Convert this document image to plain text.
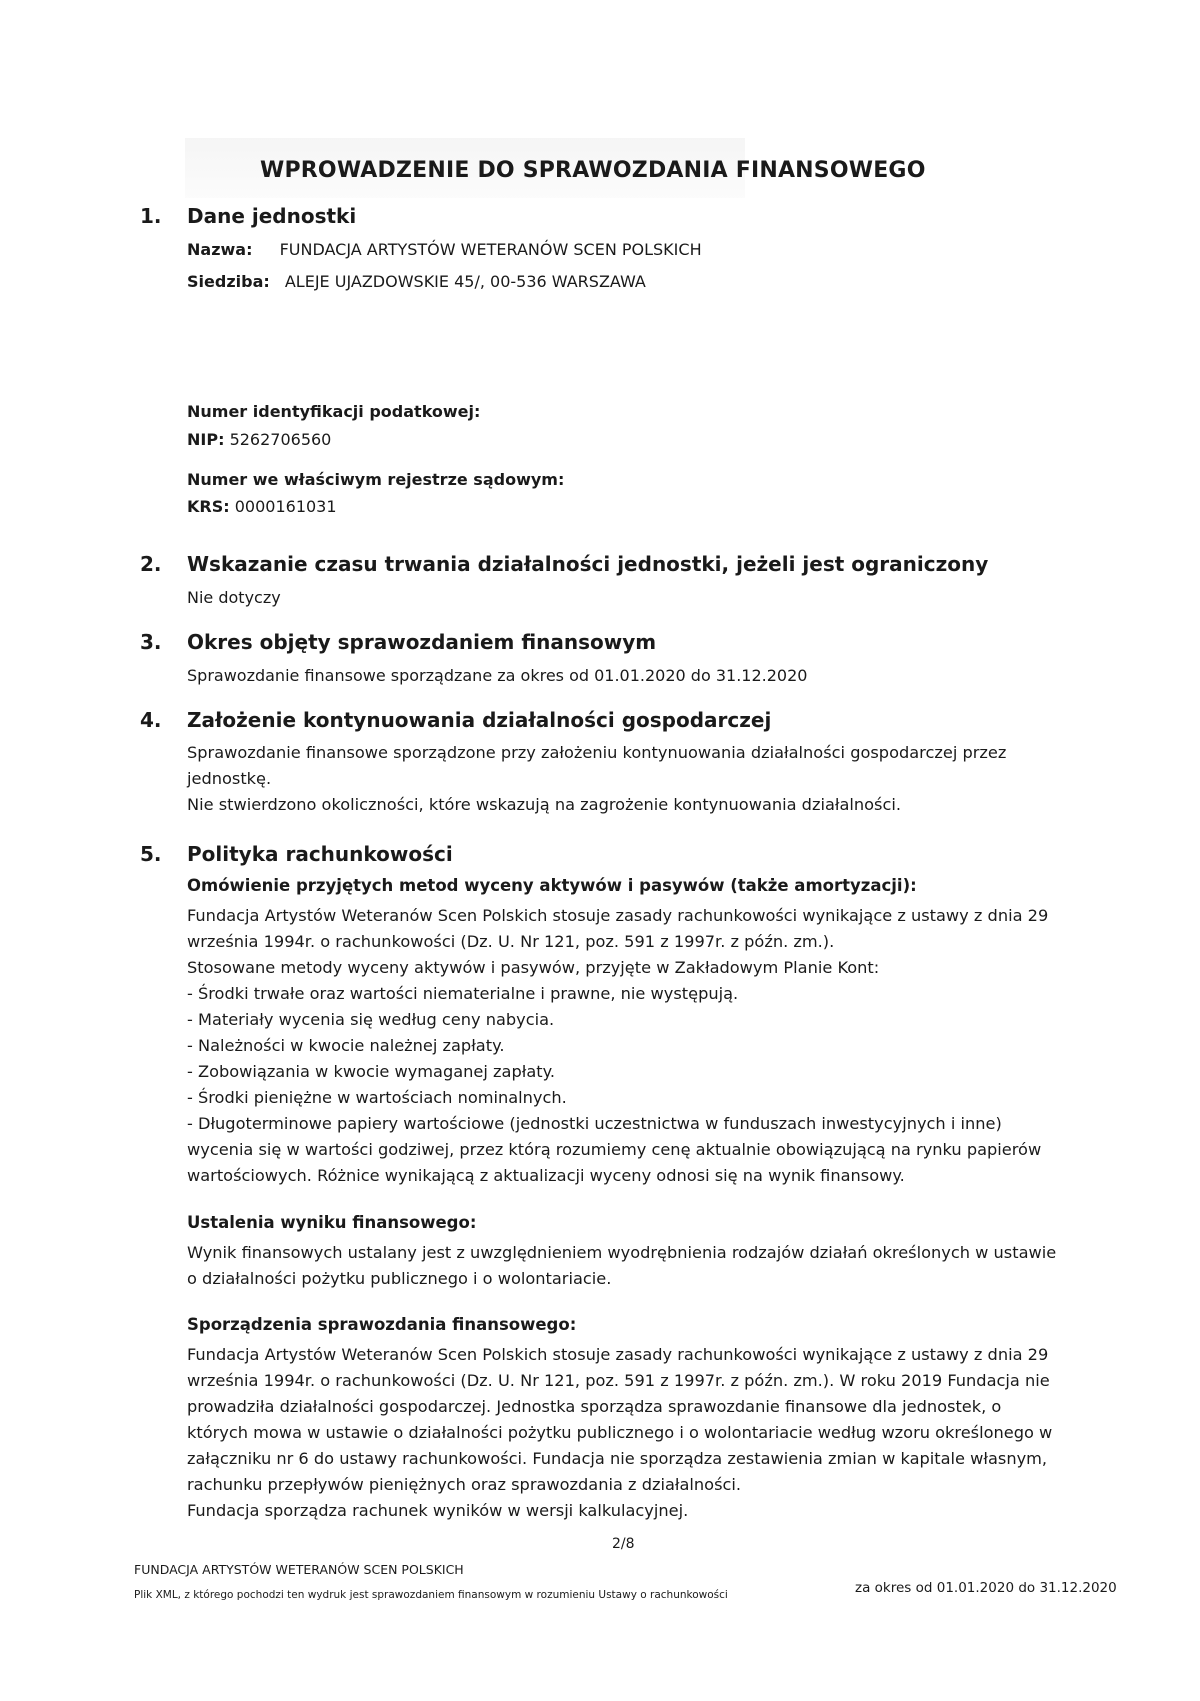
WPROWADZENIE DO SPRAWOZDANIA FINANSOWEGO
1. Dane jednostki
Nazwa: FUNDACJA ARTYSTÓW WETERANÓW SCEN POLSKICH
Siedziba: ALEJE UJAZDOWSKIE 45/, 00-536 WARSZAWA
Numer identyfikacji podatkowej:
NIP: 5262706560
Numer we właściwym rejestrze sądowym:
KRS: 0000161031
2. Wskazanie czasu trwania działalności jednostki, jeżeli jest ograniczony
Nie dotyczy
3. Okres objęty sprawozdaniem finansowym
Sprawozdanie finansowe sporządzane za okres od 01.01.2020 do 31.12.2020
4. Założenie kontynuowania działalności gospodarczej
Sprawozdanie finansowe sporządzone przy założeniu kontynuowania działalności gospodarczej przez
jednostkę.
Nie stwierdzono okoliczności, które wskazują na zagrożenie kontynuowania działalności.
5. Polityka rachunkowości
Omówienie przyjętych metod wyceny aktywów i pasywów (także amortyzacji):
Fundacja Artystów Weteranów Scen Polskich stosuje zasady rachunkowości wynikające z ustawy z dnia 29
września 1994r. o rachunkowości (Dz. U. Nr 121, poz. 591 z 1997r. z późn. zm.).
Stosowane metody wyceny aktywów i pasywów, przyjęte w Zakładowym Planie Kont:
- Środki trwałe oraz wartości niematerialne i prawne, nie występują.
- Materiały wycenia się według ceny nabycia.
- Należności w kwocie należnej zapłaty.
- Zobowiązania w kwocie wymaganej zapłaty.
- Środki pieniężne w wartościach nominalnych.
- Długoterminowe papiery wartościowe (jednostki uczestnictwa w funduszach inwestycyjnych i inne)
wycenia się w wartości godziwej, przez którą rozumiemy cenę aktualnie obowiązującą na rynku papierów
wartościowych. Różnice wynikającą z aktualizacji wyceny odnosi się na wynik finansowy.
Ustalenia wyniku finansowego:
Wynik finansowych ustalany jest z uwzględnieniem wyodrębnienia rodzajów działań określonych w ustawie
o działalności pożytku publicznego i o wolontariacie.
Sporządzenia sprawozdania finansowego:
Fundacja Artystów Weteranów Scen Polskich stosuje zasady rachunkowości wynikające z ustawy z dnia 29
września 1994r. o rachunkowości (Dz. U. Nr 121, poz. 591 z 1997r. z późn. zm.). W roku 2019 Fundacja nie
prowadziła działalności gospodarczej. Jednostka sporządza sprawozdanie finansowe dla jednostek, o
których mowa w ustawie o działalności pożytku publicznego i o wolontariacie według wzoru określonego w
załączniku nr 6 do ustawy rachunkowości. Fundacja nie sporządza zestawienia zmian w kapitale własnym,
rachunku przepływów pieniężnych oraz sprawozdania z działalności.
Fundacja sporządza rachunek wyników w wersji kalkulacyjnej.
2/8
FUNDACJA ARTYSTÓW WETERANÓW SCEN POLSKICH
Plik XML, z którego pochodzi ten wydruk jest sprawozdaniem finansowym w rozumieniu Ustawy o rachunkowości	za okres od 01.01.2020 do 31.12.2020
